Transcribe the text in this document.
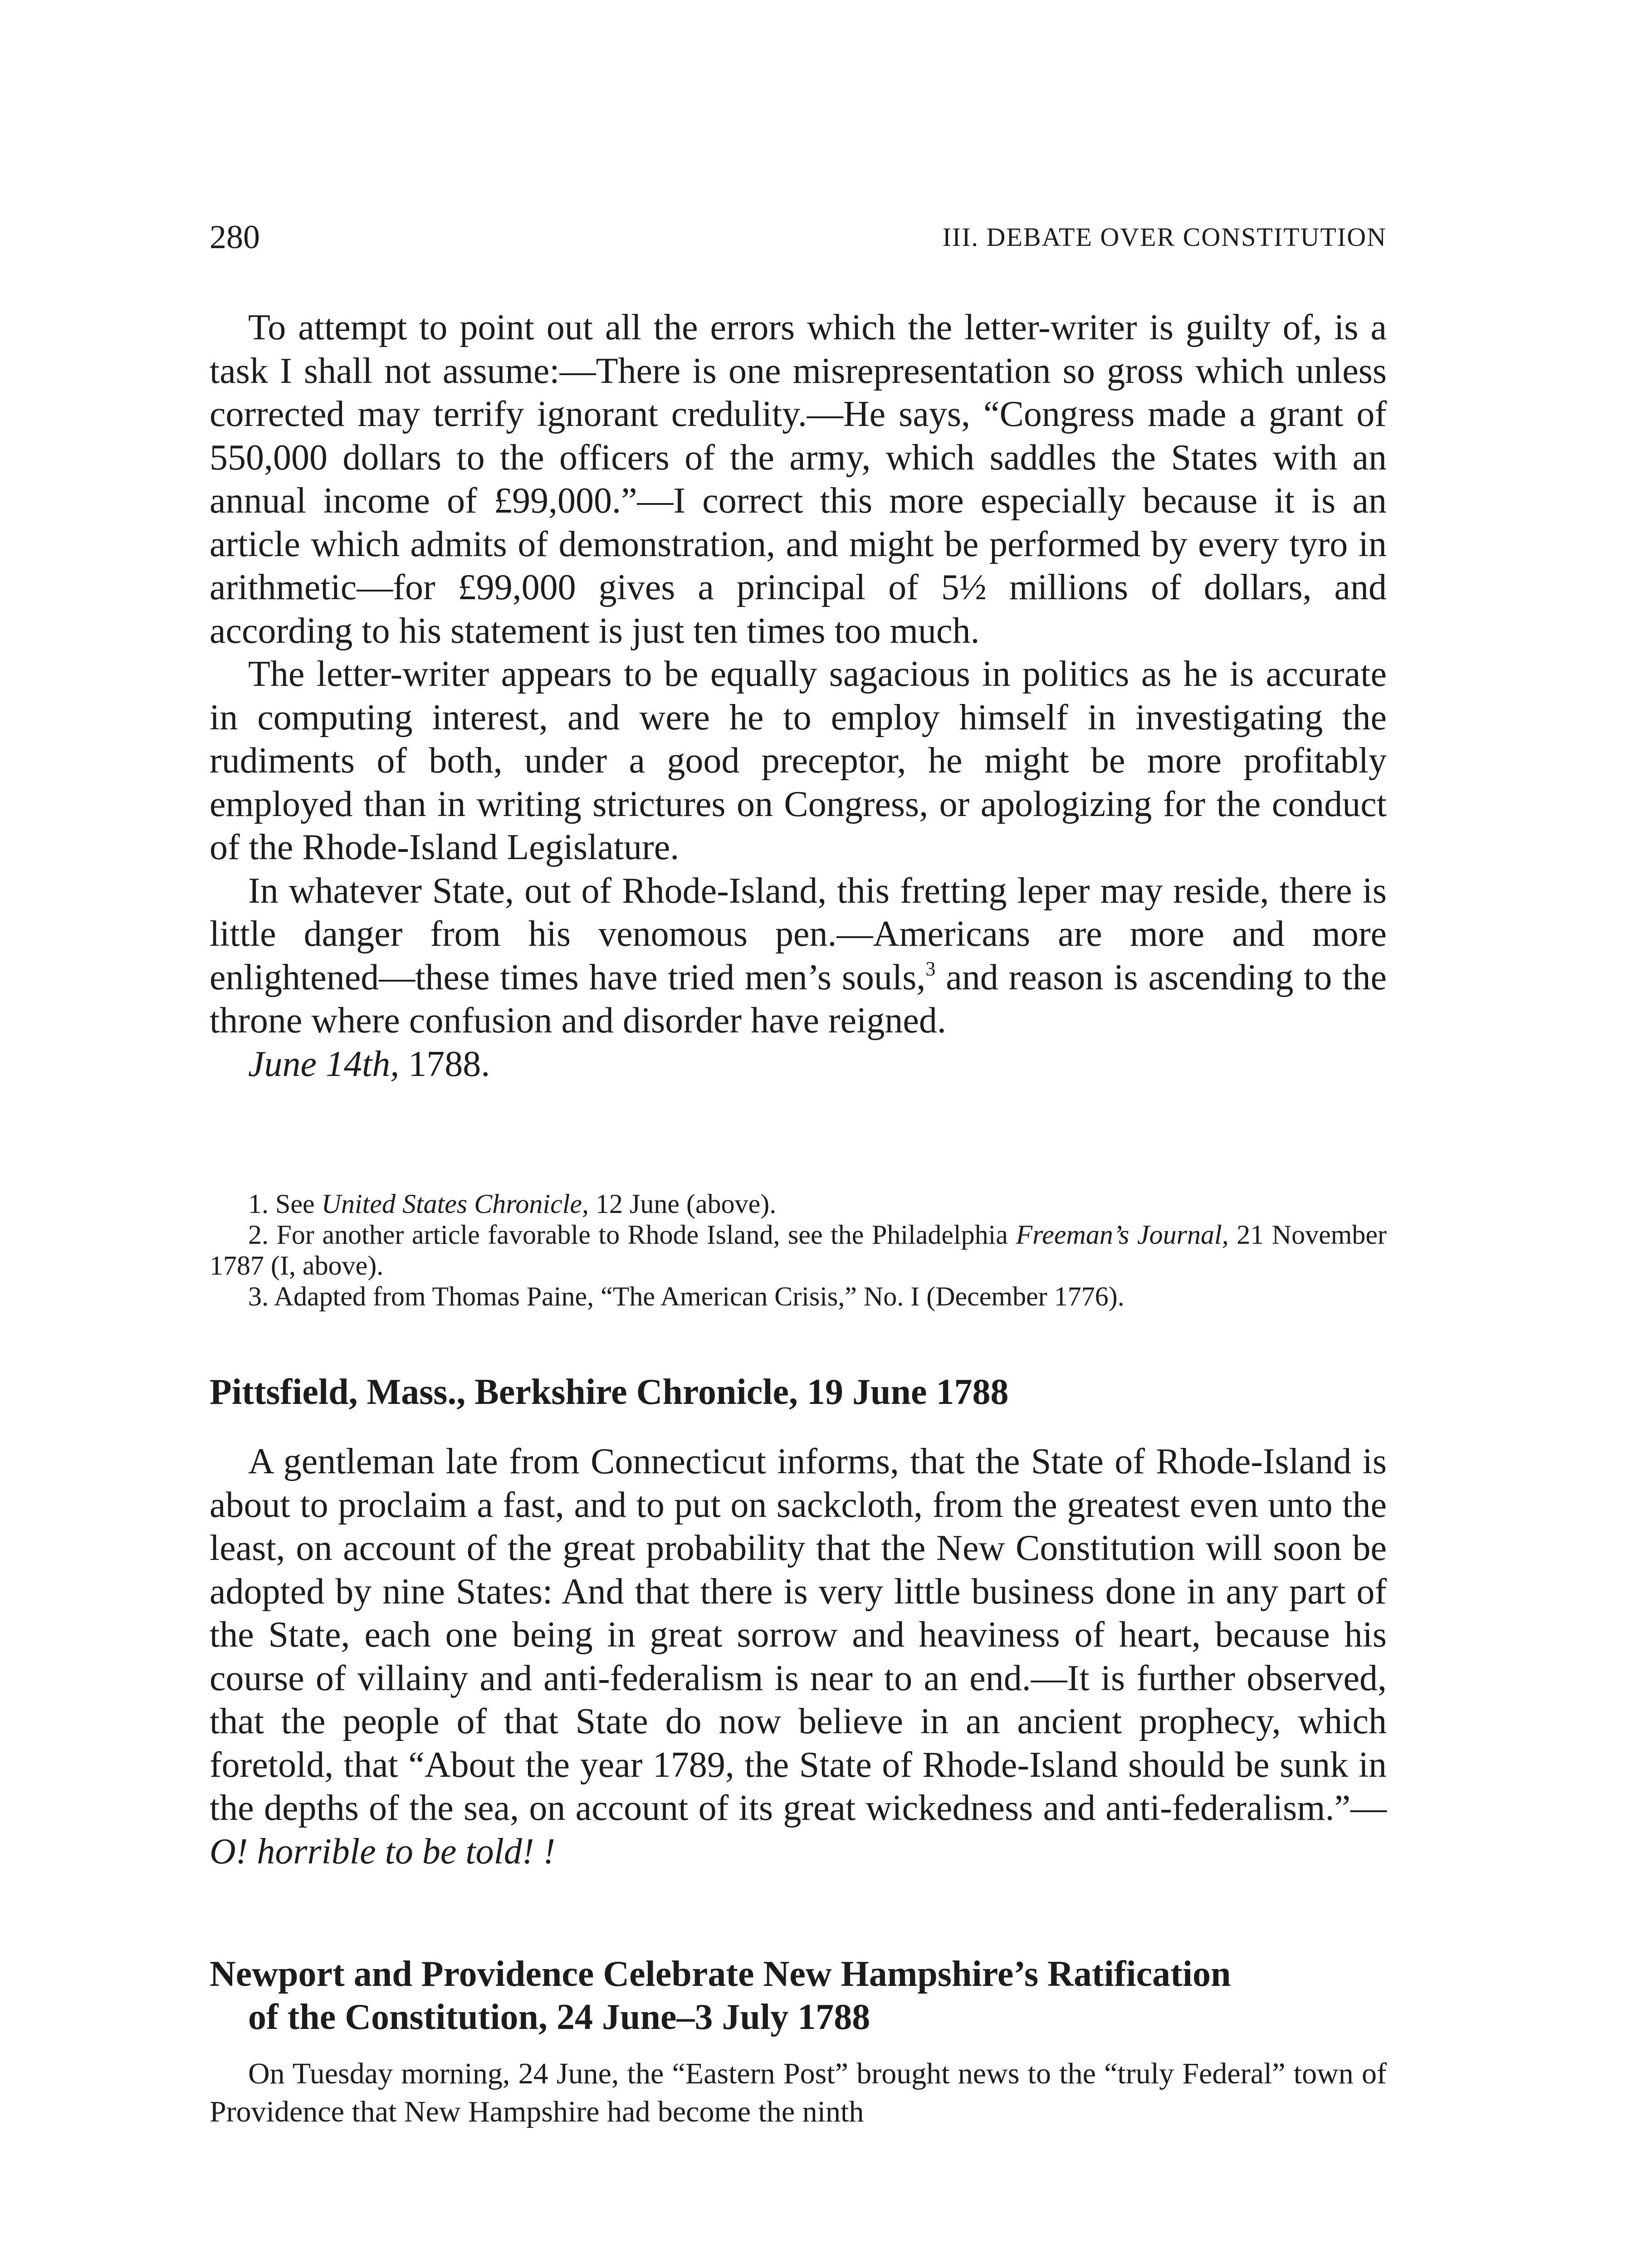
280	III. DEBATE OVER CONSTITUTION

To attempt to point out all the errors which the letter-writer is guilty of, is a task I shall not assume:—There is one misrepresentation so gross which unless corrected may terrify ignorant credulity.—He says, “Congress made a grant of 550,000 dollars to the officers of the army, which saddles the States with an annual income of £99,000.”—I correct this more especially because it is an article which admits of demonstration, and might be performed by every tyro in arithmetic—for £99,000 gives a principal of 5½ millions of dollars, and according to his statement is just ten times too much.

The letter-writer appears to be equally sagacious in politics as he is accurate in computing interest, and were he to employ himself in investigating the rudiments of both, under a good preceptor, he might be more profitably employed than in writing strictures on Congress, or apologizing for the conduct of the Rhode-Island Legislature.

In whatever State, out of Rhode-Island, this fretting leper may reside, there is little danger from his venomous pen.—Americans are more and more enlightened—these times have tried men’s souls,$^3$ and reason is ascending to the throne where confusion and disorder have reigned.

June 14th, 1788.

1. See United States Chronicle, 12 June (above).

2. For another article favorable to Rhode Island, see the Philadelphia Freeman’s Journal, 21 November 1787 (I, above).

3. Adapted from Thomas Paine, “The American Crisis,” No. I (December 1776).

Pittsfield, Mass., Berkshire Chronicle, 19 June 1788

A gentleman late from Connecticut informs, that the State of Rhode-Island is about to proclaim a fast, and to put on sackcloth, from the greatest even unto the least, on account of the great probability that the New Constitution will soon be adopted by nine States: And that there is very little business done in any part of the State, each one being in great sorrow and heaviness of heart, because his course of villainy and anti-federalism is near to an end.—It is further observed, that the people of that State do now believe in an ancient prophecy, which foretold, that “About the year 1789, the State of Rhode-Island should be sunk in the depths of the sea, on account of its great wickedness and anti-federalism.”—O! horrible to be told! !

Newport and Providence Celebrate New Hampshire’s Ratification
of the Constitution, 24 June–3 July 1788

On Tuesday morning, 24 June, the “Eastern Post” brought news to the “truly Federal” town of Providence that New Hampshire had become the ninth
